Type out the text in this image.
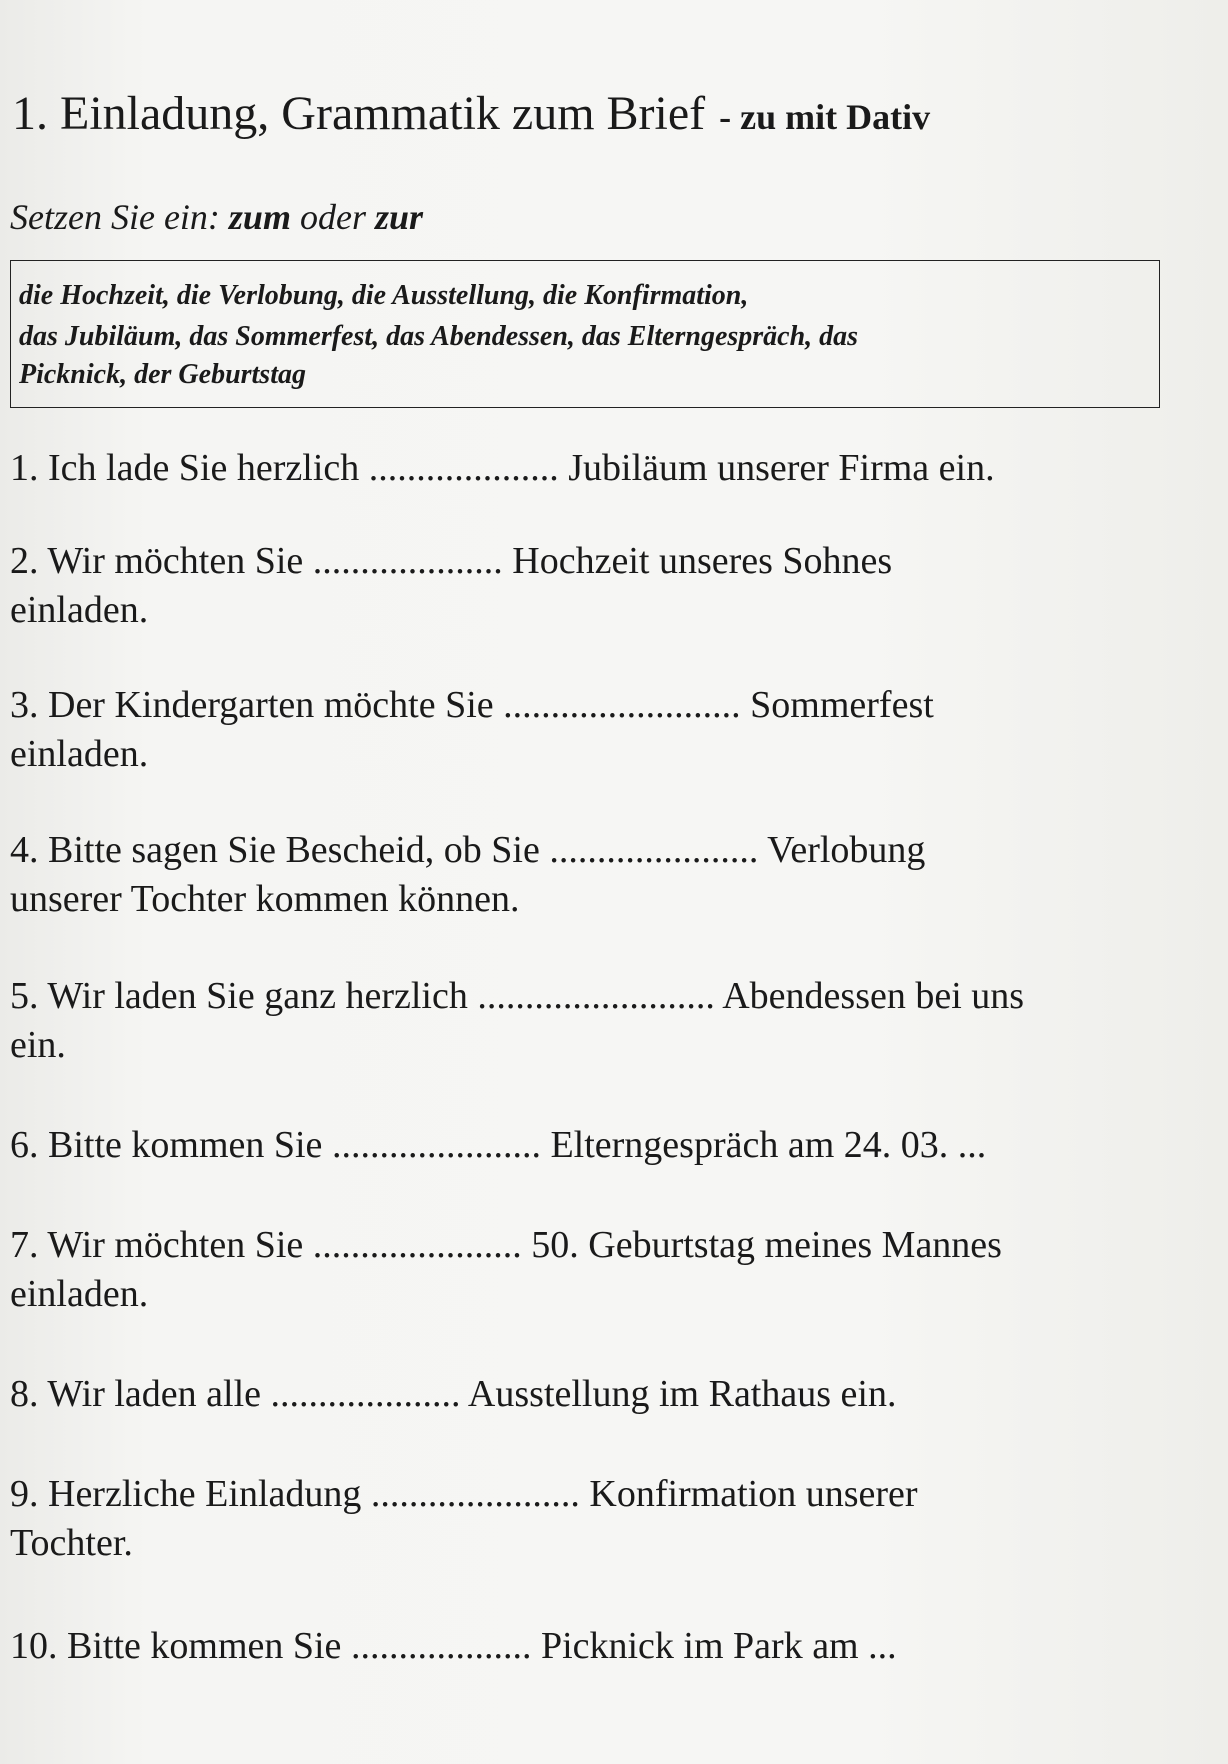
1. Einladung, Grammatik zum Brief - zu mit Dativ
Setzen Sie ein: zum oder zur
die Hochzeit, die Verlobung, die Ausstellung, die Konfirmation,
das Jubiläum, das Sommerfest, das Abendessen, das Elterngespräch, das
Picknick, der Geburtstag
1. Ich lade Sie herzlich .................... Jubiläum unserer Firma ein.
2. Wir möchten Sie .................... Hochzeit unseres Sohnes
einladen.
3. Der Kindergarten möchte Sie ......................... Sommerfest
einladen.
4. Bitte sagen Sie Bescheid, ob Sie ...................... Verlobung
unserer Tochter kommen können.
5. Wir laden Sie ganz herzlich ......................... Abendessen bei uns
ein.
6. Bitte kommen Sie ...................... Elterngespräch am 24. 03. ...
7. Wir möchten Sie ...................... 50. Geburtstag meines Mannes
einladen.
8. Wir laden alle .................... Ausstellung im Rathaus ein.
9. Herzliche Einladung ...................... Konfirmation unserer
Tochter.
10. Bitte kommen Sie ................... Picknick im Park am ...
